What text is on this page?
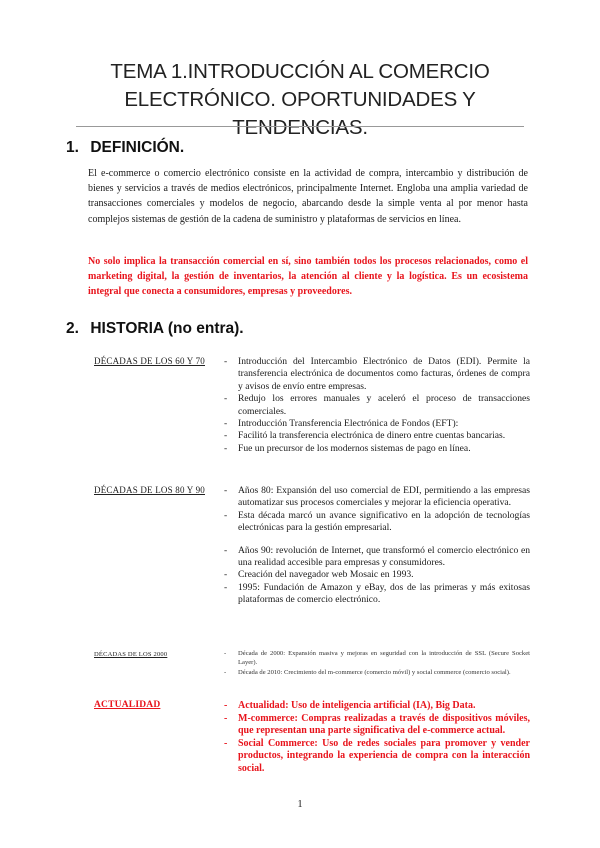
TEMA 1.INTRODUCCIÓN AL COMERCIO
ELECTRÓNICO. OPORTUNIDADES Y TENDENCIAS.
1. DEFINICIÓN.
El e-commerce o comercio electrónico consiste en la actividad de compra, intercambio y distribución de bienes y servicios a través de medios electrónicos, principalmente Internet. Engloba una amplia variedad de transacciones comerciales y modelos de negocio, abarcando desde la simple venta al por menor hasta complejos sistemas de gestión de la cadena de suministro y plataformas de servicios en línea.
No solo implica la transacción comercial en sí, sino también todos los procesos relacionados, como el marketing digital, la gestión de inventarios, la atención al cliente y la logística. Es un ecosistema integral que conecta a consumidores, empresas y proveedores.
2. HISTORIA (no entra).
DÉCADAS DE LOS 60 Y 70	- Introducción del Intercambio Electrónico de Datos (EDI). Permite la transferencia electrónica de documentos como facturas, órdenes de compra y avisos de envío entre empresas.
- Redujo los errores manuales y aceleró el proceso de transacciones comerciales.
- Introducción Transferencia Electrónica de Fondos (EFT):
- Facilitó la transferencia electrónica de dinero entre cuentas bancarias.
- Fue un precursor de los modernos sistemas de pago en línea.
DÉCADAS DE LOS 80 Y 90	- Años 80: Expansión del uso comercial de EDI, permitiendo a las empresas automatizar sus procesos comerciales y mejorar la eficiencia operativa.
- Esta década marcó un avance significativo en la adopción de tecnologías electrónicas para la gestión empresarial.
- Años 90: revolución de Internet, que transformó el comercio electrónico en una realidad accesible para empresas y consumidores.
- Creación del navegador web Mosaic en 1993.
- 1995: Fundación de Amazon y eBay, dos de las primeras y más exitosas plataformas de comercio electrónico.
DÉCADAS DE LOS 2000	- Década de 2000: Expansión masiva y mejoras en seguridad con la introducción de SSL (Secure Socket Layer).
- Década de 2010: Crecimiento del m-commerce (comercio móvil) y social commerce (comercio social).
ACTUALIDAD	- Actualidad: Uso de inteligencia artificial (IA), Big Data.
- M-commerce: Compras realizadas a través de dispositivos móviles, que representan una parte significativa del e-commerce actual.
- Social Commerce: Uso de redes sociales para promover y vender productos, integrando la experiencia de compra con la interacción social.
1
